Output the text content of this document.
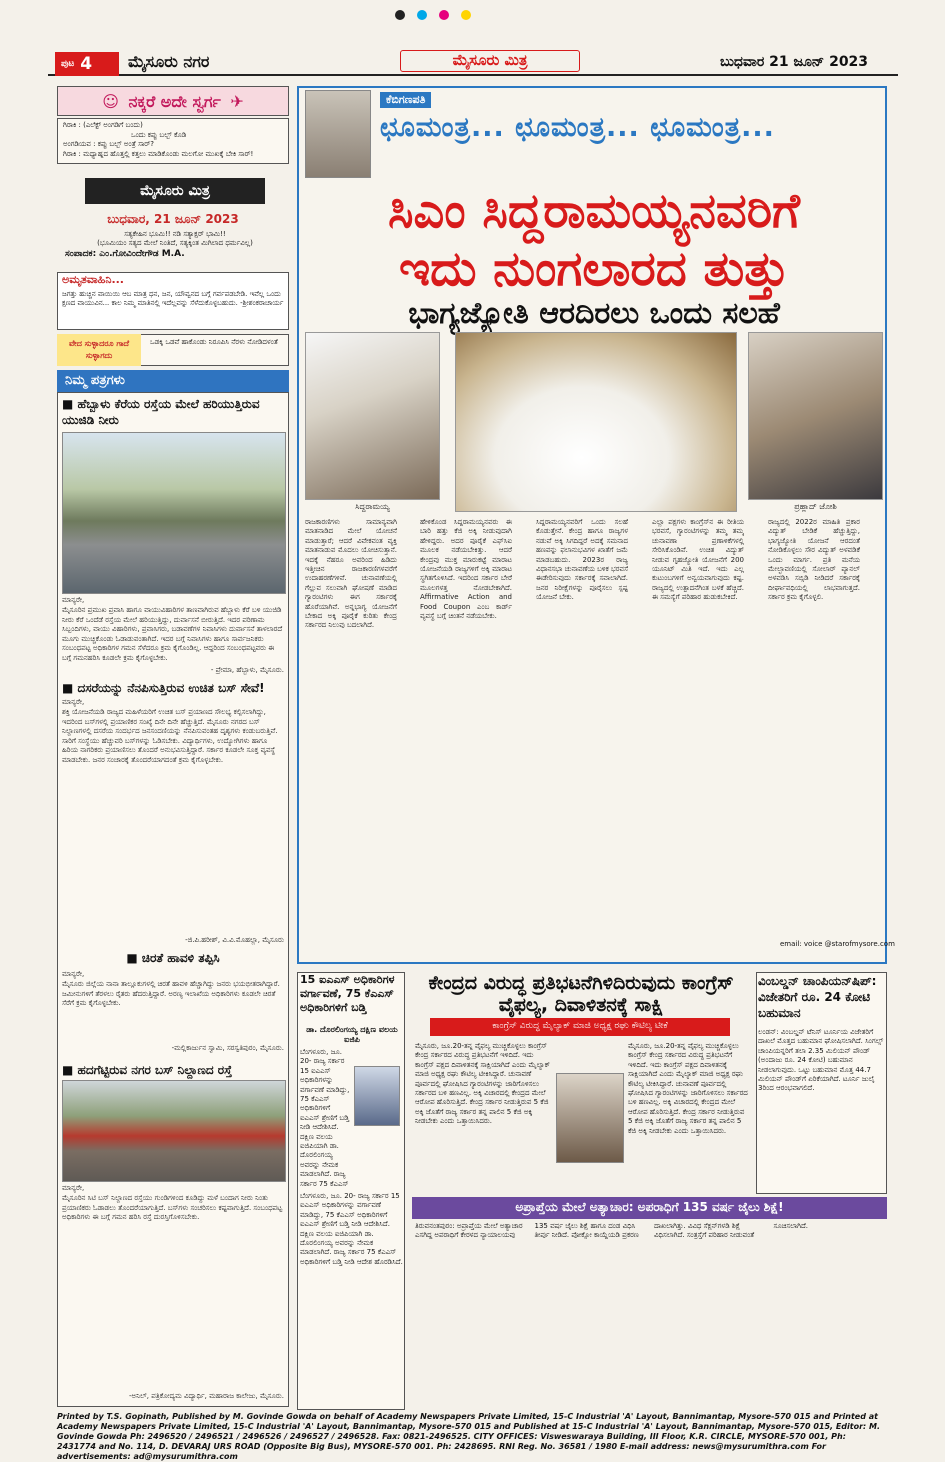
ಪುಟ 4 ಮೈಸೂರು ನಗರ	ಮೈಸೂರು ಮಿತ್ರ	ಬುಧವಾರ 21 ಜೂನ್ 2023
☺ ನಕ್ಕರೆ ಅದೇ ಸ್ವರ್ಗ ✈
ಗಿರಾಕಿ : (ಎಲೆಕ್ಟ್ ಅಂಗಡಿಗೆ ಬಂದು)
ಒಂದು ಕಪ್ಪು ಬಲ್ಬ್ ಕೊಡಿ
ಅಂಗಡಿಯವ : ಕಪ್ಪು ಬಲ್ಬ್ ಅಂತ್ರೆ ಸಾರ್?
ಗಿರಾಕಿ : ಮಧ್ಯಾಹ್ನದ ಹೊತ್ತಲ್ಲಿ ಕತ್ತಲು ಮಾಡಿಕೊಂಡು ಮಲಗೋ ಮುಖಕ್ಕೆ ಬೇಕಿ ಸಾರ್!
ಮೈಸೂರು ಮಿತ್ರ
ಬುಧವಾರ, 21 ಜೂನ್ 2023
ಸತ್ಯಕೇಹಿನ ಭೂಮಿ!! ನಡಿ ಸತ್ಯಾಕ್ಷರ್ ಭಾಮಿ!!
(ಭೂಮಿಯಂ ಸತ್ಯದ ಮೇಲೆ ನಿಂತಿದೆ, ಸತ್ಯಕ್ಕಿಂತ ಮಿಗಿಲಾದ ಧರ್ಮವಿಲ್ಲ)
ಸಂಪಾದಕ: ಎಂ.ಗೋವಿಂದೇಗೌಡ M.A.
ಅಮೃತವಾಹಿನಿ...
ಜಗತ್ತು ಹುಚ್ಚಿನ ವಾಯಿಯಿ ಆಬ ಮಾತ್ರ ಧನ, ಜನ, ಯೌವ್ವನದ ಬಗ್ಗೆ ಗರ್ವಪಡಬೇಡಿ. ಇವೆಲ್ಲ ಒಂದು ಕ್ಷಣದ ವಾಯುವಿನ... ಕಾಲ ನಿಮ್ಮ ಮಾತಿನಲ್ಲಿ ಇದೆಲ್ಲವನ್ನು ಸೆಳೆದುಕೊಳ್ಳಬಹುದು. -ಶ್ರೀಶಂಕರಾಚಾರ್ಯ
ವೇದ ಸುಳ್ಳಾದರೂ ಗಾದೆ ಸುಳ್ಳಾಗದು
ಒಡಕ್ಕಿ ಒಡವೆ ಹಾಕೊಂಡು ನಿರೂಪಿಸಿ ನೆರಳು ನೋಡಿದಳಂತೆ
ನಿಮ್ಮ ಪತ್ರಗಳು
■ ಹೆಬ್ಬಾಳು ಕೆರೆಯ ರಸ್ತೆಯ ಮೇಲೆ ಹರಿಯುತ್ತಿರುವ ಯುಜಿಡಿ ನೀರು
ಮಾನ್ಯರೇ,
ಮೈಸೂರಿನ ಪ್ರಮುಖ ಪ್ರವಾಸಿ ಹಾಗೂ ವಾಯುವಿಹಾರಿಗಳ ತಾಣವಾಗಿರುವ ಹೆಬ್ಬಾಳು ಕೆರೆ ಬಳಿ ಯುಜಿಡಿ ನೀರು ಕೆರೆ ಒಂದೆಡೆ ರಸ್ತೆಯ ಮೇಲೆ ಹರಿಯುತ್ತಿದ್ದು, ದುರ್ವಾಸನೆ ಬೀರುತ್ತಿದೆ. ಇದರ ಪರಿಣಾಮ ಸಿಬ್ಬಂದಿಗಳು, ವಾಯು ವಿಹಾರಿಗಳು, ಪ್ರವಾಸಿಗರು, ಬಡಾವಣೆಗಳ ನಿವಾಸಿಗಳು ದುರ್ವಾಸನೆ ತಾಳಲಾರದೆ ಮೂಗು ಮುಚ್ಚಿಕೊಂಡು ಓಡಾಡುವಂತಾಗಿದೆ. ಇದರ ಬಗ್ಗೆ ನಿವಾಸಿಗಳು ಹಾಗೂ ಸಾರ್ವಜನಿಕರು ಸಂಬಂಧಪಟ್ಟ ಅಧಿಕಾರಿಗಳ ಗಮನ ಸೆಳೆದರೂ ಕ್ರಮ ಕೈಗೊಂಡಿಲ್ಲ. ಆದ್ದರಿಂದ ಸಂಬಂಧಪಟ್ಟವರು ಈ ಬಗ್ಗೆ ಗಮನಹರಿಸಿ ಕೂಡಲೇ ಕ್ರಮ ಕೈಗೊಳ್ಳಬೇಕು.
- ಪ್ರೇಮಾ, ಹೆಬ್ಬಾಳು, ಮೈಸೂರು.
■ ದಸರೆಯನ್ನು ನೆನಪಿಸುತ್ತಿರುವ ಉಚಿತ ಬಸ್ ಸೇವೆ!
ಮಾನ್ಯರೇ,
ಶಕ್ತಿ ಯೋಜನೆಯಡಿ ರಾಜ್ಯದ ಮಹಿಳೆಯರಿಗೆ ಉಚಿತ ಬಸ್ ಪ್ರಯಾಣದ ಸೌಲಭ್ಯ ಕಲ್ಪಿಸಲಾಗಿದ್ದು, ಇದರಿಂದ ಬಸ್‌ಗಳಲ್ಲಿ ಪ್ರಯಾಣಿಕರ ಸಂಖ್ಯೆ ದಿನೇ ದಿನೇ ಹೆಚ್ಚುತ್ತಿದೆ. ಮೈಸೂರು ನಗರದ ಬಸ್ ನಿಲ್ದಾಣಗಳಲ್ಲಿ ದಸರೆಯ ಸಂದರ್ಭದ ಜನಸಂದಣಿಯನ್ನು ನೆನಪಿಸುವಂತಹ ದೃಶ್ಯಗಳು ಕಂಡುಬರುತ್ತಿವೆ. ಸಾರಿಗೆ ಸಂಸ್ಥೆಯು ಹೆಚ್ಚುವರಿ ಬಸ್‌ಗಳನ್ನು ಓಡಿಸಬೇಕು. ವಿದ್ಯಾರ್ಥಿಗಳು, ಉದ್ಯೋಗಿಗಳು ಹಾಗೂ ಹಿರಿಯ ನಾಗರಿಕರು ಪ್ರಯಾಣಿಸಲು ತೊಂದರೆ ಅನುಭವಿಸುತ್ತಿದ್ದಾರೆ. ಸರ್ಕಾರ ಕೂಡಲೇ ಸೂಕ್ತ ವ್ಯವಸ್ಥೆ ಮಾಡಬೇಕು. ಜನರ ಸಂಚಾರಕ್ಕೆ ತೊಂದರೆಯಾಗದಂತೆ ಕ್ರಮ ಕೈಗೊಳ್ಳಬೇಕು.
-ಜಿ.ಪಿ.ಹರೀಶ್, ವಿ.ವಿ.ಮೊಹಲ್ಲಾ, ಮೈಸೂರು
■ ಚಿರತೆ ಹಾವಳಿ ತಪ್ಪಿಸಿ
ಮಾನ್ಯರೇ,
ಮೈಸೂರು ಜಿಲ್ಲೆಯ ನಾನಾ ತಾಲ್ಲೂಕುಗಳಲ್ಲಿ ಚಿರತೆ ಹಾವಳಿ ಹೆಚ್ಚಾಗಿದ್ದು ಜನರು ಭಯಭೀತರಾಗಿದ್ದಾರೆ. ಜಮೀನುಗಳಿಗೆ ತೆರಳಲು ರೈತರು ಹೆದರುತ್ತಿದ್ದಾರೆ. ಅರಣ್ಯ ಇಲಾಖೆಯ ಅಧಿಕಾರಿಗಳು ಕೂಡಲೇ ಚಿರತೆ ಸೆರೆಗೆ ಕ್ರಮ ಕೈಗೊಳ್ಳಬೇಕು.
-ಮಲ್ಲಿಕಾರ್ಜುನ ಸ್ವಾಮಿ, ಸರಸ್ವತಿಪುರಂ, ಮೈಸೂರು.
■ ಹದಗೆಟ್ಟಿರುವ ನಗರ ಬಸ್ ನಿಲ್ದಾಣದ ರಸ್ತೆ
ಮಾನ್ಯರೇ,
ಮೈಸೂರಿನ ಸಿಟಿ ಬಸ್ ನಿಲ್ದಾಣದ ರಸ್ತೆಯು ಗುಂಡಿಗಳಿಂದ ಕೂಡಿದ್ದು ಮಳೆ ಬಂದಾಗ ನೀರು ನಿಂತು ಪ್ರಯಾಣಿಕರು ಓಡಾಡಲು ತೊಂದರೆಯಾಗುತ್ತಿದೆ. ಬಸ್‌ಗಳು ಸಂಚರಿಸಲು ಕಷ್ಟವಾಗುತ್ತಿದೆ. ಸಂಬಂಧಪಟ್ಟ ಅಧಿಕಾರಿಗಳು ಈ ಬಗ್ಗೆ ಗಮನ ಹರಿಸಿ ರಸ್ತೆ ದುರಸ್ತಿಗೊಳಿಸಬೇಕು.
-ಅನಿಲ್, ಪತ್ರಿಕೋದ್ಯಮ ವಿದ್ಯಾರ್ಥಿ, ಮಹಾರಾಜ ಕಾಲೇಜು, ಮೈಸೂರು.
ಕೆಬಿಗಣಪತಿ
ಛೂಮಂತ್ರ... ಛೂಮಂತ್ರ... ಛೂಮಂತ್ರ...
ಸಿಎಂ ಸಿದ್ದರಾಮಯ್ಯನವರಿಗೆ
ಇದು ನುಂಗಲಾರದ ತುತ್ತು
ಭಾಗ್ಯಜ್ಯೋತಿ ಆರದಿರಲು ಒಂದು ಸಲಹೆ
ಸಿದ್ದರಾಮಯ್ಯ	ಪ್ರಹ್ಲಾದ್ ಜೋಶಿ
ರಾಜಕಾರಣಿಗಳು ಸಾಮಾನ್ಯವಾಗಿ ಮಾತನಾಡಿದ ಮೇಲೆ ಯೋಚನೆ ಮಾಡುತ್ತಾರೆ; ಆದರೆ ವಿವೇಕವಂತ ವ್ಯಕ್ತಿ ಮಾತನಾಡುವ ಮೊದಲು ಯೋಚಿಸುತ್ತಾನೆ. ಇದಕ್ಕೆ ನೆಹರೂ ಅವರಿಂದ ಹಿಡಿದು ಇತ್ತೀಚಿನ ರಾಜಕಾರಣಿಗಳವರೆಗೆ ಉದಾಹರಣೆಗಳಿವೆ. ಚುನಾವಣೆಯಲ್ಲಿ ಗೆಲ್ಲುವ ಸಲುವಾಗಿ ಘೋಷಣೆ ಮಾಡಿದ ಗ್ಯಾರಂಟಿಗಳು ಈಗ ಸರ್ಕಾರಕ್ಕೆ ಹೊರೆಯಾಗಿವೆ. ಅನ್ನಭಾಗ್ಯ ಯೋಜನೆಗೆ ಬೇಕಾದ ಅಕ್ಕಿ ಪೂರೈಕೆ ಕುರಿತು ಕೇಂದ್ರ ಸರ್ಕಾರದ ನಿಲುವು ಬದಲಾಗಿದೆ.
ಹೇಳಿಕೊಂಡ ಸಿದ್ದರಾಮಯ್ಯನವರು ಈ ಬಾರಿ ಹತ್ತು ಕೆಜಿ ಅಕ್ಕಿ ನೀಡುವುದಾಗಿ ಹೇಳಿದ್ದರು. ಅದರ ಪೂರೈಕೆ ಎಫ್‌ಸಿಐ ಮೂಲಕ ನಡೆಯಬೇಕಿತ್ತು. ಆದರೆ ಕೇಂದ್ರವು ಮುಕ್ತ ಮಾರುಕಟ್ಟೆ ಮಾರಾಟ ಯೋಜನೆಯಡಿ ರಾಜ್ಯಗಳಿಗೆ ಅಕ್ಕಿ ಮಾರಾಟ ಸ್ಥಗಿತಗೊಳಿಸಿದೆ. ಇದರಿಂದ ಸರ್ಕಾರ ಬೇರೆ ಮೂಲಗಳತ್ತ ನೋಡಬೇಕಾಗಿದೆ. Affirmative Action and Food Coupon ಎಂಬ ಕಾರ್ಡ್ ವ್ಯವಸ್ಥೆ ಬಗ್ಗೆ ಚಿಂತನೆ ನಡೆಯಬೇಕು.
ಸಿದ್ದರಾಮಯ್ಯನವರಿಗೆ ಒಂದು ಸಲಹೆ ಕೊಡುತ್ತೇನೆ. ಕೇಂದ್ರ ಹಾಗೂ ರಾಜ್ಯಗಳ ನಡುವೆ ಅಕ್ಕಿ ಸಿಗದಿದ್ದರೆ ಅದಕ್ಕೆ ಸಮನಾದ ಹಣವನ್ನು ಫಲಾನುಭವಿಗಳ ಖಾತೆಗೆ ಜಮೆ ಮಾಡಬಹುದು. 2023ರ ರಾಜ್ಯ ವಿಧಾನಸಭಾ ಚುನಾವಣೆಯ ಬಳಿಕ ಭರವಸೆ ಈಡೇರಿಸುವುದು ಸರ್ಕಾರಕ್ಕೆ ಸವಾಲಾಗಿದೆ. ಜನರ ನಿರೀಕ್ಷೆಗಳನ್ನು ಪೂರೈಸಲು ಸ್ಪಷ್ಟ ಯೋಜನೆ ಬೇಕು.
ಎಲ್ಲಾ ಪಕ್ಷಗಳು ಕಾಂಗ್ರೆಸ್‌ನ ಈ ರೀತಿಯ ಭರವಸೆ, ಗ್ಯಾರಂಟಿಗಳನ್ನು ತಮ್ಮ ತಮ್ಮ ಚುನಾವಣಾ ಪ್ರಣಾಳಿಕೆಗಳಲ್ಲಿ ಸೇರಿಸಿಕೊಂಡಿವೆ. ಉಚಿತ ವಿದ್ಯುತ್ ನೀಡುವ ಗೃಹಜ್ಯೋತಿ ಯೋಜನೆಗೆ 200 ಯೂನಿಟ್ ಮಿತಿ ಇದೆ. ಇದು ಎಲ್ಲ ಕುಟುಂಬಗಳಿಗೆ ಅನ್ವಯವಾಗುವುದು ಕಷ್ಟ. ರಾಜ್ಯದಲ್ಲಿ ಉತ್ಪಾದನೆಗಿಂತ ಬಳಕೆ ಹೆಚ್ಚಿದೆ. ಈ ಸಮಸ್ಯೆಗೆ ಪರಿಹಾರ ಹುಡುಕಬೇಕಿದೆ.
ರಾಜ್ಯದಲ್ಲಿ 2022ರ ಮಾಹಿತಿ ಪ್ರಕಾರ ವಿದ್ಯುತ್ ಬೇಡಿಕೆ ಹೆಚ್ಚುತ್ತಿದ್ದು, ಭಾಗ್ಯಜ್ಯೋತಿ ಯೋಜನೆ ಆರದಂತೆ ನೋಡಿಕೊಳ್ಳಲು ಸೌರ ವಿದ್ಯುತ್ ಅಳವಡಿಕೆ ಒಂದು ಮಾರ್ಗ. ಪ್ರತಿ ಮನೆಯ ಮೇಲ್ಛಾವಣಿಯಲ್ಲಿ ಸೋಲಾರ್ ಪ್ಯಾನಲ್ ಅಳವಡಿಸಿ ಸಬ್ಸಿಡಿ ನೀಡಿದರೆ ಸರ್ಕಾರಕ್ಕೆ ದೀರ್ಘಾವಧಿಯಲ್ಲಿ ಲಾಭವಾಗುತ್ತದೆ. ಸರ್ಕಾರ ಕ್ರಮ ಕೈಗೊಳ್ಳಲಿ.
email: voice @starofmysore.com
15 ಐಎಎಸ್ ಅಧಿಕಾರಿಗಳ ವರ್ಗಾವಣೆ, 75 ಕೆಎಎಸ್ ಅಧಿಕಾರಿಗಳಿಗೆ ಬಡ್ತಿ
ಡಾ. ದೊರಲಿಂಗಯ್ಯ ದಕ್ಷಿಣ ವಲಯ ಐಜಿಪಿ
ಬೆಂಗಳೂರು, ಜೂ. 20- ರಾಜ್ಯ ಸರ್ಕಾರ 15 ಐಎಎಸ್ ಅಧಿಕಾರಿಗಳನ್ನು ವರ್ಗಾವಣೆ ಮಾಡಿದ್ದು, 75 ಕೆಎಎಸ್ ಅಧಿಕಾರಿಗಳಿಗೆ ಐಎಎಸ್ ಶ್ರೇಣಿಗೆ ಬಡ್ತಿ ನೀಡಿ ಆದೇಶಿಸಿದೆ. ದಕ್ಷಿಣ ವಲಯ ಐಜಿಪಿಯಾಗಿ ಡಾ. ದೊರಲಿಂಗಯ್ಯ ಅವರನ್ನು ನೇಮಕ ಮಾಡಲಾಗಿದೆ. ರಾಜ್ಯ ಸರ್ಕಾರ 75 ಕೆಎಎಸ್
ಬೆಂಗಳೂರು, ಜೂ. 20- ರಾಜ್ಯ ಸರ್ಕಾರ 15 ಐಎಎಸ್ ಅಧಿಕಾರಿಗಳನ್ನು ವರ್ಗಾವಣೆ ಮಾಡಿದ್ದು, 75 ಕೆಎಎಸ್ ಅಧಿಕಾರಿಗಳಿಗೆ ಐಎಎಸ್ ಶ್ರೇಣಿಗೆ ಬಡ್ತಿ ನೀಡಿ ಆದೇಶಿಸಿದೆ. ದಕ್ಷಿಣ ವಲಯ ಐಜಿಪಿಯಾಗಿ ಡಾ. ದೊರಲಿಂಗಯ್ಯ ಅವರನ್ನು ನೇಮಕ ಮಾಡಲಾಗಿದೆ. ರಾಜ್ಯ ಸರ್ಕಾರ 75 ಕೆಎಎಸ್ ಅಧಿಕಾರಿಗಳಿಗೆ ಬಡ್ತಿ ನೀಡಿ ಆದೇಶ ಹೊರಡಿಸಿದೆ.
ಕೇಂದ್ರದ ವಿರುದ್ಧ ಪ್ರತಿಭಟನೆಗಿಳಿದಿರುವುದು ಕಾಂಗ್ರೆಸ್ ವೈಫಲ್ಯ, ದಿವಾಳಿತನಕ್ಕೆ ಸಾಕ್ಷಿ
ಕಾಂಗ್ರೆಸ್ ವಿರುದ್ಧ ಮೈಲ್ಯಾಕ್ ಮಾಜಿ ಅಧ್ಯಕ್ಷ ರಘು ಕೌಟಿಲ್ಯ ಟೀಕೆ
ಮೈಸೂರು, ಜೂ.20-ತನ್ನ ವೈಫಲ್ಯ ಮುಚ್ಚಿಕೊಳ್ಳಲು ಕಾಂಗ್ರೆಸ್ ಕೇಂದ್ರ ಸರ್ಕಾರದ ವಿರುದ್ಧ ಪ್ರತಿಭಟನೆಗೆ ಇಳಿದಿದೆ. ಇದು ಕಾಂಗ್ರೆಸ್ ಪಕ್ಷದ ದಿವಾಳಿತನಕ್ಕೆ ಸಾಕ್ಷಿಯಾಗಿದೆ ಎಂದು ಮೈಲ್ಯಾಕ್ ಮಾಜಿ ಅಧ್ಯಕ್ಷ ರಘು ಕೌಟಿಲ್ಯ ಟೀಕಿಸಿದ್ದಾರೆ. ಚುನಾವಣೆ ಪೂರ್ವದಲ್ಲಿ ಘೋಷಿಸಿದ ಗ್ಯಾರಂಟಿಗಳನ್ನು ಜಾರಿಗೊಳಿಸಲು ಸರ್ಕಾರದ ಬಳಿ ಹಣವಿಲ್ಲ. ಅಕ್ಕಿ ವಿಚಾರದಲ್ಲಿ ಕೇಂದ್ರದ ಮೇಲೆ ಆರೋಪ ಹೊರಿಸುತ್ತಿದೆ. ಕೇಂದ್ರ ಸರ್ಕಾರ ನೀಡುತ್ತಿರುವ 5 ಕೆಜಿ ಅಕ್ಕಿ ಜೊತೆಗೆ ರಾಜ್ಯ ಸರ್ಕಾರ ತನ್ನ ಪಾಲಿನ 5 ಕೆಜಿ ಅಕ್ಕಿ ನೀಡಬೇಕು ಎಂದು ಒತ್ತಾಯಿಸಿದರು.
ಮೈಸೂರು, ಜೂ.20-ತನ್ನ ವೈಫಲ್ಯ ಮುಚ್ಚಿಕೊಳ್ಳಲು ಕಾಂಗ್ರೆಸ್ ಕೇಂದ್ರ ಸರ್ಕಾರದ ವಿರುದ್ಧ ಪ್ರತಿಭಟನೆಗೆ ಇಳಿದಿದೆ. ಇದು ಕಾಂಗ್ರೆಸ್ ಪಕ್ಷದ ದಿವಾಳಿತನಕ್ಕೆ ಸಾಕ್ಷಿಯಾಗಿದೆ ಎಂದು ಮೈಲ್ಯಾಕ್ ಮಾಜಿ ಅಧ್ಯಕ್ಷ ರಘು ಕೌಟಿಲ್ಯ ಟೀಕಿಸಿದ್ದಾರೆ. ಚುನಾವಣೆ ಪೂರ್ವದಲ್ಲಿ ಘೋಷಿಸಿದ ಗ್ಯಾರಂಟಿಗಳನ್ನು ಜಾರಿಗೊಳಿಸಲು ಸರ್ಕಾರದ ಬಳಿ ಹಣವಿಲ್ಲ. ಅಕ್ಕಿ ವಿಚಾರದಲ್ಲಿ ಕೇಂದ್ರದ ಮೇಲೆ ಆರೋಪ ಹೊರಿಸುತ್ತಿದೆ. ಕೇಂದ್ರ ಸರ್ಕಾರ ನೀಡುತ್ತಿರುವ 5 ಕೆಜಿ ಅಕ್ಕಿ ಜೊತೆಗೆ ರಾಜ್ಯ ಸರ್ಕಾರ ತನ್ನ ಪಾಲಿನ 5 ಕೆಜಿ ಅಕ್ಕಿ ನೀಡಬೇಕು ಎಂದು ಒತ್ತಾಯಿಸಿದರು.
ವಿಂಬಲ್ಡನ್ ಚಾಂಪಿಯನ್‌ಷಿಪ್: ವಿಜೇತರಿಗೆ ರೂ. 24 ಕೋಟಿ ಬಹುಮಾನ
ಲಂಡನ್: ವಿಂಬಲ್ಡನ್ ಟೆನಿಸ್ ಟೂರ್ನಿಯ ವಿಜೇತರಿಗೆ ದಾಖಲೆ ಮೊತ್ತದ ಬಹುಮಾನ ಘೋಷಿಸಲಾಗಿದೆ. ಸಿಂಗಲ್ಸ್ ಚಾಂಪಿಯನ್ನರಿಗೆ ತಲಾ 2.35 ಮಿಲಿಯನ್ ಪೌಂಡ್ (ಅಂದಾಜು ರೂ. 24 ಕೋಟಿ) ಬಹುಮಾನ ನೀಡಲಾಗುವುದು. ಒಟ್ಟು ಬಹುಮಾನ ಮೊತ್ತ 44.7 ಮಿಲಿಯನ್ ಪೌಂಡ್‌ಗೆ ಏರಿಕೆಯಾಗಿದೆ. ಟೂರ್ನಿ ಜುಲೈ 3ರಿಂದ ಆರಂಭವಾಗಲಿದೆ.
ಅಪ್ರಾಪ್ತೆಯ ಮೇಲೆ ಅತ್ಯಾಚಾರ: ಅಪರಾಧಿಗೆ 135 ವರ್ಷ ಜೈಲು ಶಿಕ್ಷೆ!
ತಿರುವನಂತಪುರಂ: ಅಪ್ರಾಪ್ತೆಯ ಮೇಲೆ ಅತ್ಯಾಚಾರ ಎಸಗಿದ್ದ ಅಪರಾಧಿಗೆ ಕೇರಳದ ನ್ಯಾಯಾಲಯವು 135 ವರ್ಷ ಜೈಲು ಶಿಕ್ಷೆ ಹಾಗೂ ದಂಡ ವಿಧಿಸಿ ತೀರ್ಪು ನೀಡಿದೆ. ಪೋಕ್ಸೋ ಕಾಯ್ದೆಯಡಿ ಪ್ರಕರಣ ದಾಖಲಾಗಿತ್ತು. ವಿವಿಧ ಸೆಕ್ಷನ್‌ಗಳಡಿ ಶಿಕ್ಷೆ ವಿಧಿಸಲಾಗಿದೆ. ಸಂತ್ರಸ್ತೆಗೆ ಪರಿಹಾರ ನೀಡುವಂತೆ ಸೂಚಿಸಲಾಗಿದೆ.
Printed by T.S. Gopinath, Published by M. Govinde Gowda on behalf of Academy Newspapers Private Limited, 15-C Industrial 'A' Layout, Bannimantap, Mysore-570 015 and Printed at Academy Newspapers Private Limited, 15-C Industrial 'A' Layout, Bannimantap, Mysore-570 015 and Published at 15-C Industrial 'A' Layout, Bannimantap, Mysore-570 015, Editor: M. Govinde Gowda Ph: 2496520 / 2496521 / 2496526 / 2496527 / 2496528. Fax: 0821-2496525. CITY OFFICES: Visweswaraya Building, III Floor, K.R. CIRCLE, MYSORE-570 001, Ph: 2431774 and No. 114, D. DEVARAJ URS ROAD (Opposite Big Bus), MYSORE-570 001. Ph: 2428695. RNI Reg. No. 36581 / 1980 E-mail address: news@mysurumithra.com For advertisements: ad@mysurumithra.com
